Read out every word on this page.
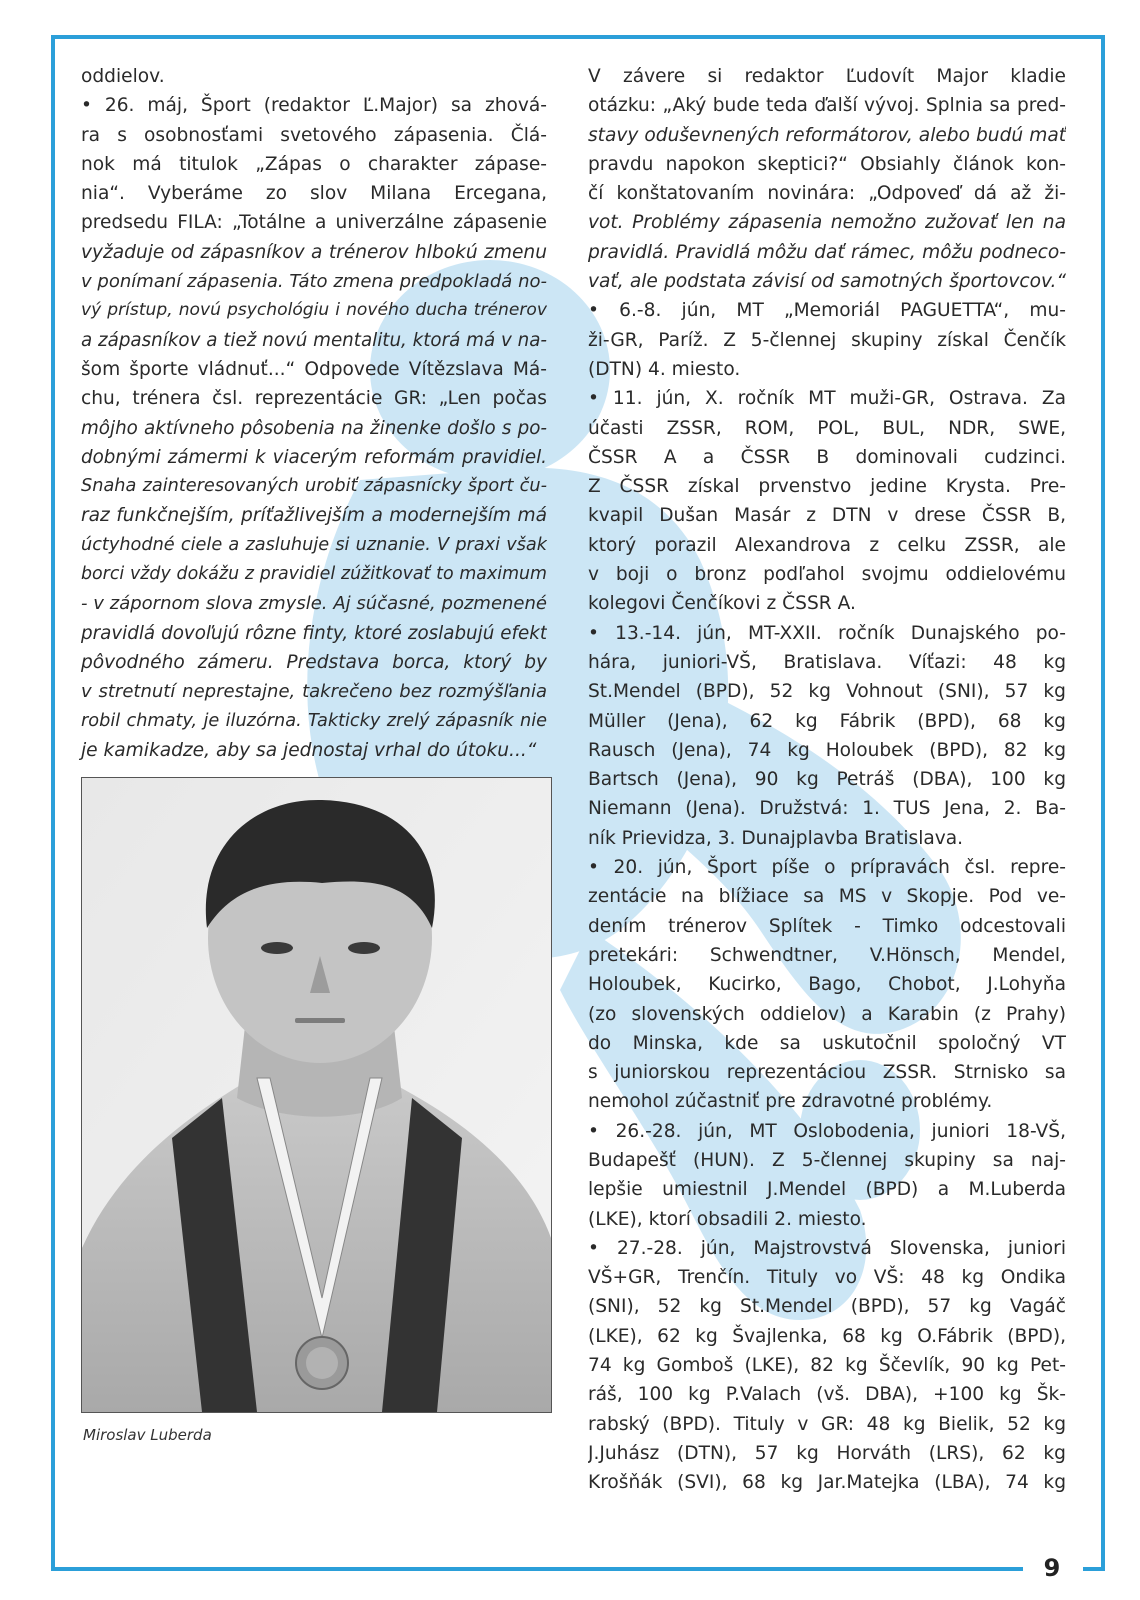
9
oddielov.
• 26. máj, Šport (redaktor Ľ.Major) sa zhová-
ra s osobnosťami svetového zápasenia. Člá-
nok má titulok „Zápas o charakter zápase-
nia“. Vyberáme zo slov Milana Ercegana,
predsedu FILA: „Totálne a univerzálne zápasenie
vyžaduje od zápasníkov a trénerov hlbokú zmenu
v ponímaní zápasenia. Táto zmena predpokladá no-
vý prístup, novú psychológiu i nového ducha trénerov
a zápasníkov a tiež novú mentalitu, ktorá má v na-
šom športe vládnuť...“ Odpovede Vítězslava Má-
chu, trénera čsl. reprezentácie GR: „Len počas
môjho aktívneho pôsobenia na žinenke došlo s po-
dobnými zámermi k viacerým reformám pravidiel.
Snaha zainteresovaných urobiť zápasnícky šport ču-
raz funkčnejším, príťažlivejším a modernejším má
úctyhodné ciele a zasluhuje si uznanie. V praxi však
borci vždy dokážu z pravidiel zúžitkovať to maximum
- v zápornom slova zmysle. Aj súčasné, pozmenené
pravidlá dovoľujú rôzne finty, ktoré zoslabujú efekt
pôvodného zámeru. Predstava borca, ktorý by
v stretnutí neprestajne, takrečeno bez rozmýšľania
robil chmaty, je iluzórna. Takticky zrelý zápasník nie
je kamikadze, aby sa jednostaj vrhal do útoku...“
Miroslav Luberda
V závere si redaktor Ľudovít Major kladie
otázku: „Aký bude teda ďalší vývoj. Splnia sa pred-
stavy oduševnených reformátorov, alebo budú mať
pravdu napokon skeptici?“ Obsiahly článok kon-
čí konštatovaním novinára: „Odpoveď dá až ži-
vot. Problémy zápasenia nemožno zužovať len na
pravidlá. Pravidlá môžu dať rámec, môžu podneco-
vať, ale podstata závisí od samotných športovcov.“
• 6.-8. jún, MT „Memoriál PAGUETTA“, mu-
ži-GR, Paríž. Z 5-člennej skupiny získal Čenčík
(DTN) 4. miesto.
• 11. jún, X. ročník MT muži-GR, Ostrava. Za
účasti ZSSR, ROM, POL, BUL, NDR, SWE,
ČSSR A a ČSSR B dominovali cudzinci.
Z ČSSR získal prvenstvo jedine Krysta. Pre-
kvapil Dušan Masár z DTN v drese ČSSR B,
ktorý porazil Alexandrova z celku ZSSR, ale
v boji o bronz podľahol svojmu oddielovému
kolegovi Čenčíkovi z ČSSR A.
• 13.-14. jún, MT-XXII. ročník Dunajského po-
hára, juniori-VŠ, Bratislava. Víťazi: 48 kg
St.Mendel (BPD), 52 kg Vohnout (SNI), 57 kg
Müller (Jena), 62 kg Fábrik (BPD), 68 kg
Rausch (Jena), 74 kg Holoubek (BPD), 82 kg
Bartsch (Jena), 90 kg Petráš (DBA), 100 kg
Niemann (Jena). Družstvá: 1. TUS Jena, 2. Ba-
ník Prievidza, 3. Dunajplavba Bratislava.
• 20. jún, Šport píše o prípravách čsl. repre-
zentácie na blížiace sa MS v Skopje. Pod ve-
dením trénerov Splítek - Timko odcestovali
pretekári: Schwendtner, V.Hönsch, Mendel,
Holoubek, Kucirko, Bago, Chobot, J.Lohyňa
(zo slovenských oddielov) a Karabin (z Prahy)
do Minska, kde sa uskutočnil spoločný VT
s juniorskou reprezentáciou ZSSR. Strnisko sa
nemohol zúčastniť pre zdravotné problémy.
• 26.-28. jún, MT Oslobodenia, juniori 18-VŠ,
Budapešť (HUN). Z 5-člennej skupiny sa naj-
lepšie umiestnil J.Mendel (BPD) a M.Luberda
(LKE), ktorí obsadili 2. miesto.
• 27.-28. jún, Majstrovstvá Slovenska, juniori
VŠ+GR, Trenčín. Tituly vo VŠ: 48 kg Ondika
(SNI), 52 kg St.Mendel (BPD), 57 kg Vagáč
(LKE), 62 kg Švajlenka, 68 kg O.Fábrik (BPD),
74 kg Gomboš (LKE), 82 kg Ščevlík, 90 kg Pet-
ráš, 100 kg P.Valach (vš. DBA), +100 kg Šk-
rabský (BPD). Tituly v GR: 48 kg Bielik, 52 kg
J.Juhász (DTN), 57 kg Horváth (LRS), 62 kg
Krošňák (SVI), 68 kg Jar.Matejka (LBA), 74 kg
